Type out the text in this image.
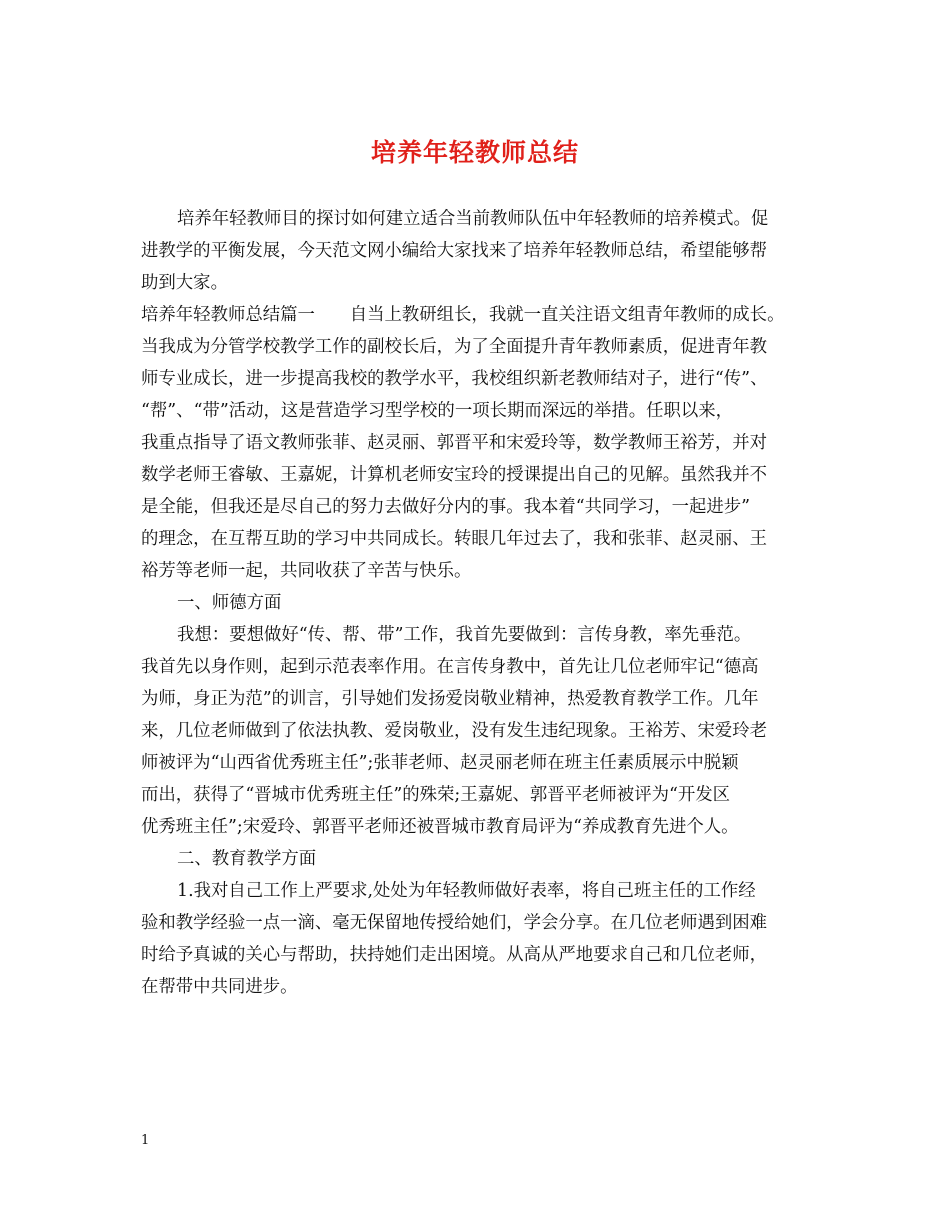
培养年轻教师总结
培养年轻教师目的探讨如何建立适合当前教师队伍中年轻教师的培养模式。促
进教学的平衡发展，今天范文网小编给大家找来了培养年轻教师总结，希望能够帮
助到大家。
培养年轻教师总结篇一　　自当上教研组长，我就一直关注语文组青年教师的成长。
当我成为分管学校教学工作的副校长后，为了全面提升青年教师素质，促进青年教
师专业成长，进一步提高我校的教学水平，我校组织新老教师结对子，进行“传”、
“帮”、“带”活动，这是营造学习型学校的一项长期而深远的举措。任职以来，
我重点指导了语文教师张菲、赵灵丽、郭晋平和宋爱玲等，数学教师王裕芳，并对
数学老师王睿敏、王嘉妮，计算机老师安宝玲的授课提出自己的见解。虽然我并不
是全能，但我还是尽自己的努力去做好分内的事。我本着“共同学习，一起进步”
的理念，在互帮互助的学习中共同成长。转眼几年过去了，我和张菲、赵灵丽、王
裕芳等老师一起，共同收获了辛苦与快乐。
一、师德方面
我想：要想做好“传、帮、带”工作，我首先要做到：言传身教，率先垂范。
我首先以身作则，起到示范表率作用。在言传身教中，首先让几位老师牢记“德高
为师，身正为范”的训言，引导她们发扬爱岗敬业精神，热爱教育教学工作。几年
来，几位老师做到了依法执教、爱岗敬业，没有发生违纪现象。王裕芳、宋爱玲老
师被评为“山西省优秀班主任”;张菲老师、赵灵丽老师在班主任素质展示中脱颖
而出，获得了“晋城市优秀班主任”的殊荣;王嘉妮、郭晋平老师被评为“开发区
优秀班主任”;宋爱玲、郭晋平老师还被晋城市教育局评为“养成教育先进个人。
二、教育教学方面
1.我对自己工作上严要求,处处为年轻教师做好表率，将自己班主任的工作经
验和教学经验一点一滴、毫无保留地传授给她们，学会分享。在几位老师遇到困难
时给予真诚的关心与帮助，扶持她们走出困境。从高从严地要求自己和几位老师，
在帮带中共同进步。
1
